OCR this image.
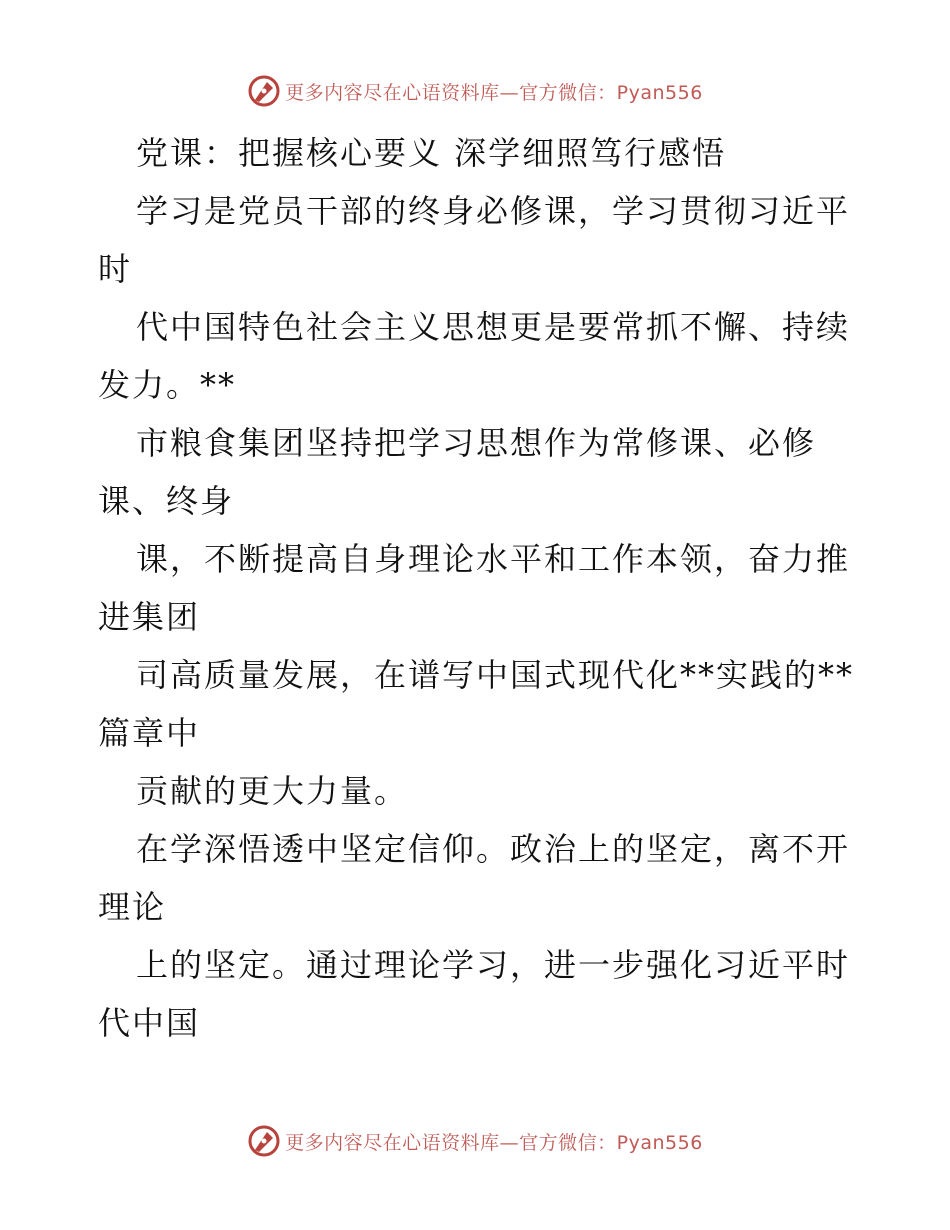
更多内容尽在心语资料库—官方微信：Pyan556
党课：把握核心要义 深学细照笃行感悟
学习是党员干部的终身必修课，学习贯彻习近平
时
代中国特色社会主义思想更是要常抓不懈、持续
发力。**
市粮食集团坚持把学习思想作为常修课、必修
课、终身
课，不断提高自身理论水平和工作本领，奋力推
进集团
司高质量发展，在谱写中国式现代化**实践的**
篇章中
贡献的更大力量。
在学深悟透中坚定信仰。政治上的坚定，离不开
理论
上的坚定。通过理论学习，进一步强化习近平时
代中国
更多内容尽在心语资料库—官方微信：Pyan556
